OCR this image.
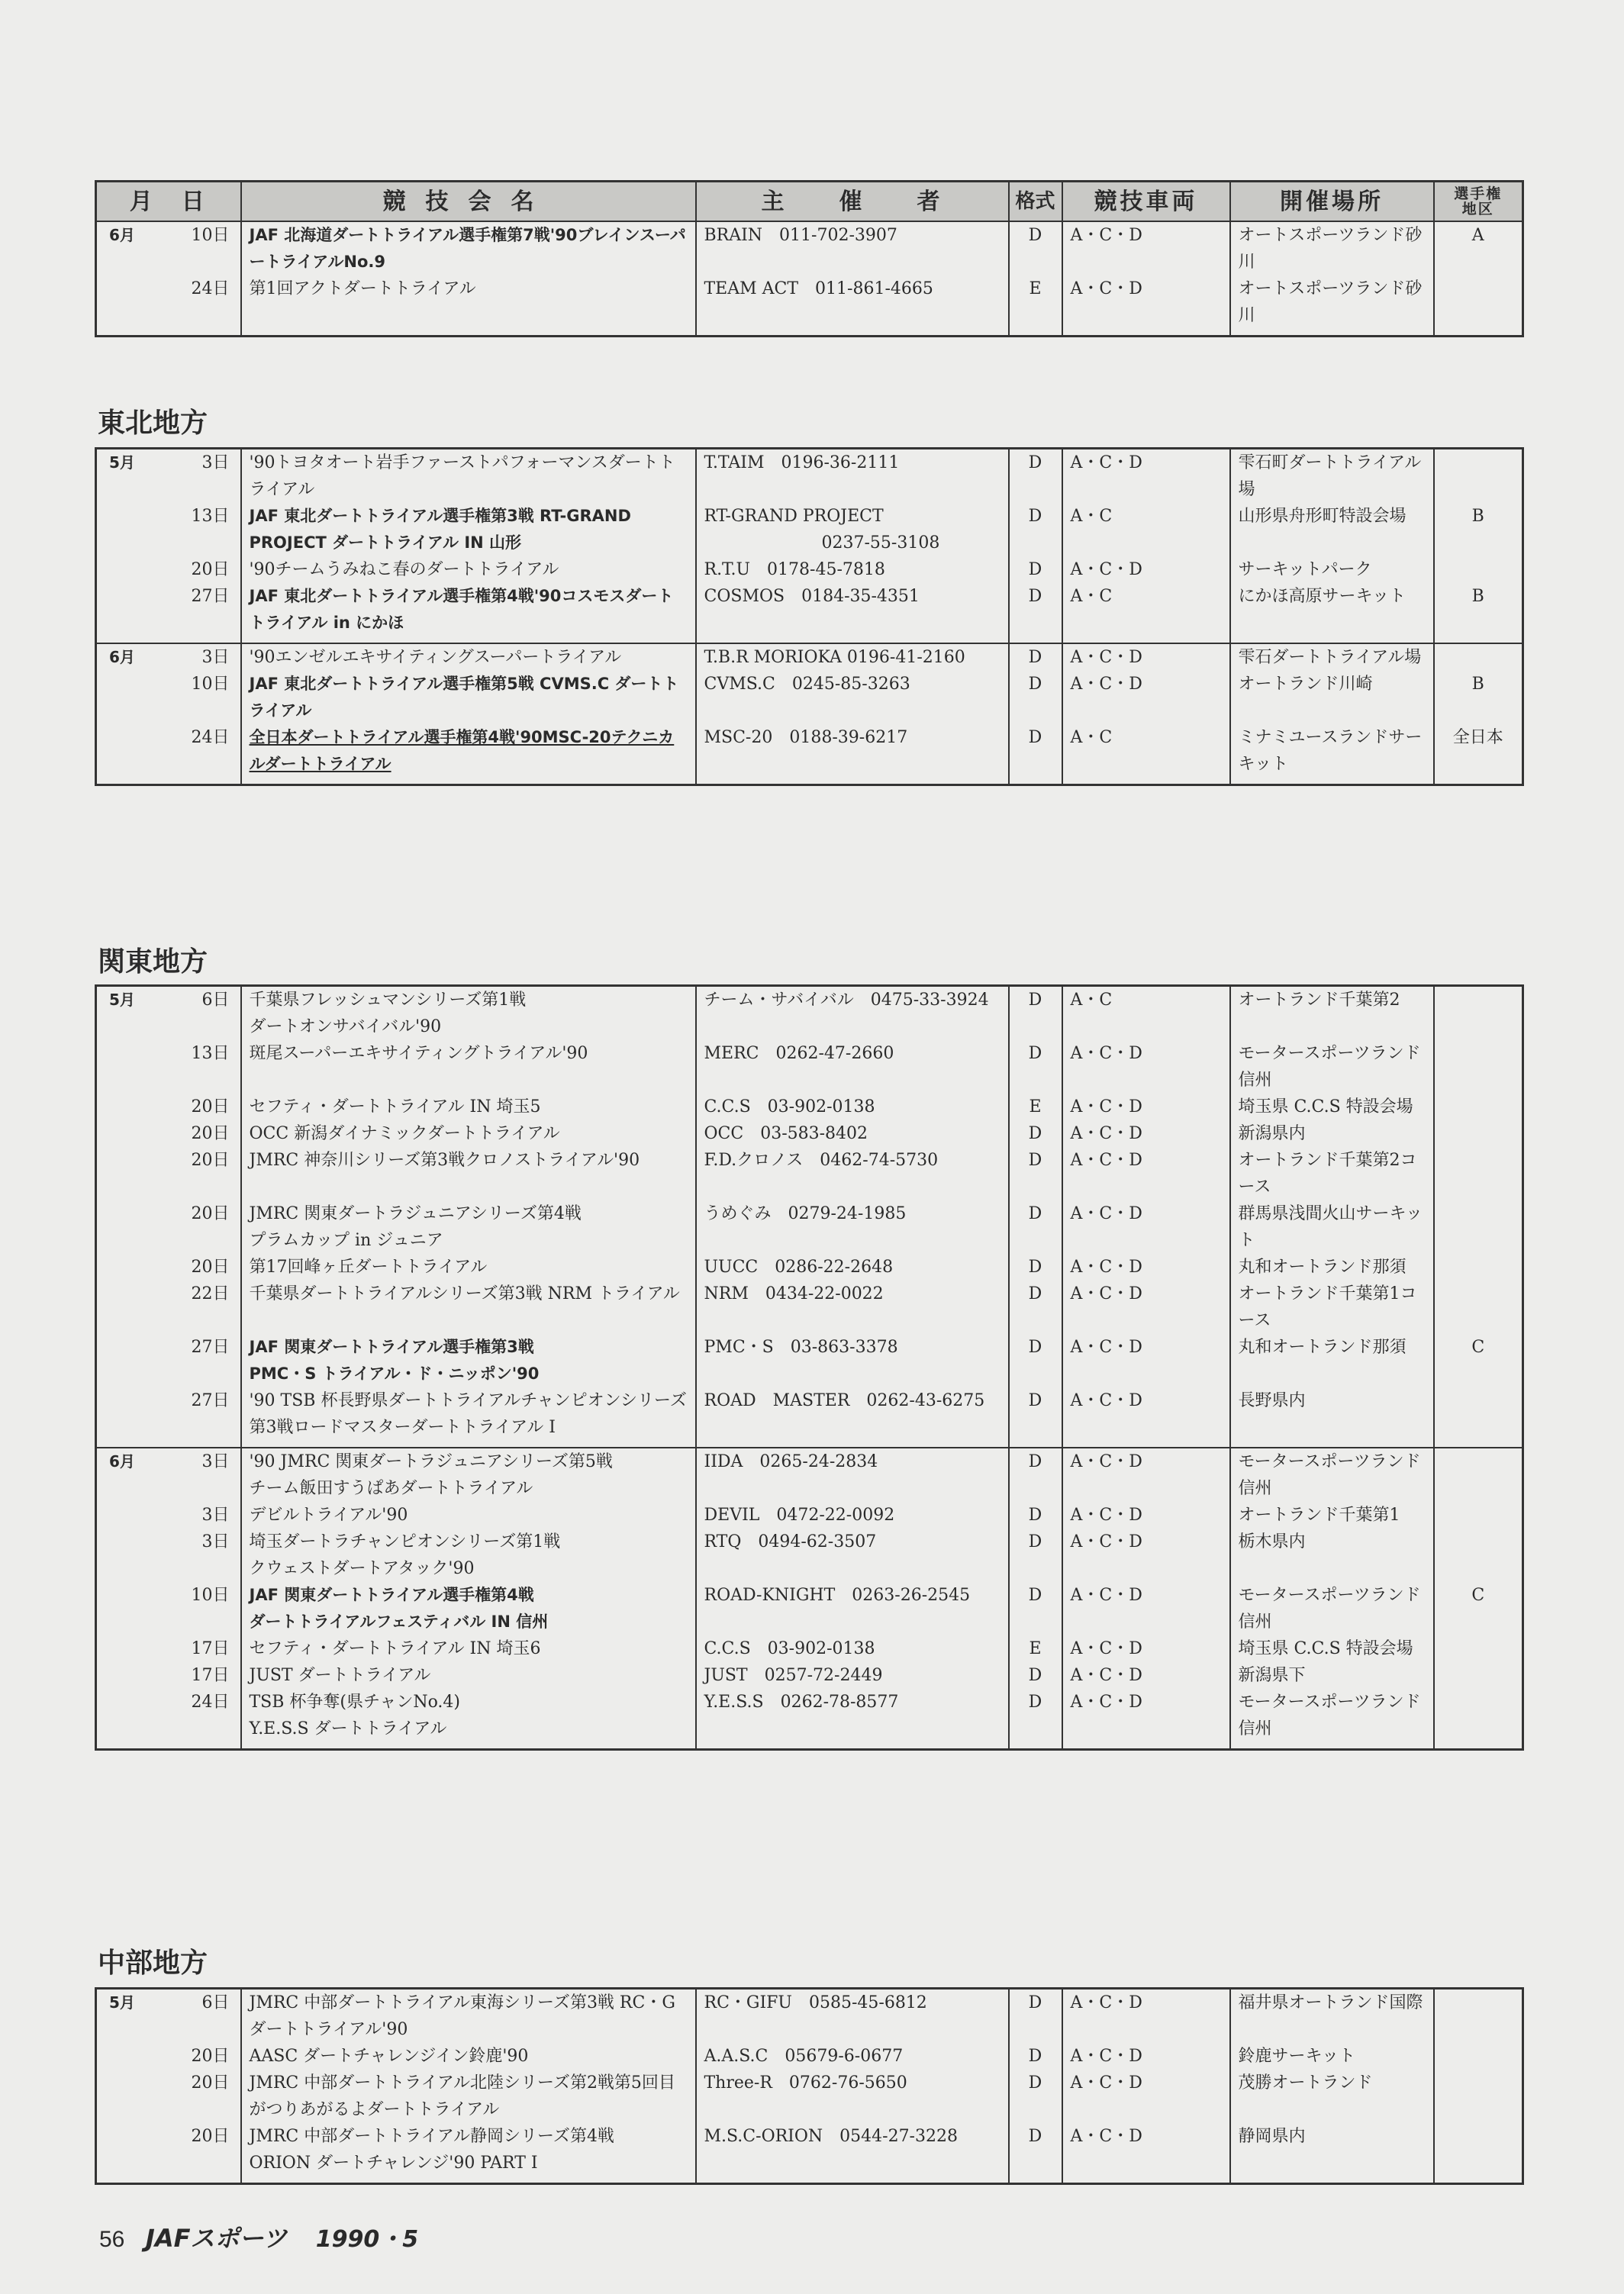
月　日	競技会名	主　　催　　者	格式	競技車両	開催場所	選手権地区

6月 10日	JAF 北海道ダートトライアル選手権第7戦'90ブレインスーパートライアルNo.9	BRAIN　011-702-3907	D	A・C・D	オートスポーツランド砂川	A

24日	第1回アクトダートトライアル	TEAM ACT　011-861-4665	E	A・C・D	オートスポーツランド砂川	

東北地方
5月 3日	'90トヨタオート岩手ファーストパフォーマンスダートトライアル	T.TAIM　0196-36-2111	D	A・C・D	雫石町ダートトライアル場	

13日	JAF 東北ダートトライアル選手権第3戦 RT-GRAND PROJECT ダートトライアル IN 山形	RT-GRAND PROJECT
　　　　　　　0237-55-3108	D	A・C	山形県舟形町特設会場	B

20日	'90チームうみねこ春のダートトライアル	R.T.U　0178-45-7818	D	A・C・D	サーキットパーク	

27日	JAF 東北ダートトライアル選手権第4戦'90コスモスダートトライアル in にかほ	COSMOS　0184-35-4351	D	A・C	にかほ高原サーキット	B

6月 3日	'90エンゼルエキサイティングスーパートライアル	T.B.R MORIOKA 0196-41-2160	D	A・C・D	雫石ダートトライアル場	

10日	JAF 東北ダートトライアル選手権第5戦 CVMS.C ダートトライアル	CVMS.C　0245-85-3263	D	A・C・D	オートランド川崎	B

24日	全日本ダートトライアル選手権第4戦'90MSC-20テクニカルダートトライアル	MSC-20　0188-39-6217	D	A・C	ミナミユースランドサーキット	全日本

関東地方
5月 6日	千葉県フレッシュマンシリーズ第1戦
ダートオンサバイバル'90	チーム・サバイバル　0475-33-3924	D	A・C	オートランド千葉第2	

13日	斑尾スーパーエキサイティングトライアル'90	MERC　0262-47-2660	D	A・C・D	モータースポーツランド信州	

20日	セフティ・ダートトライアル IN 埼玉5	C.C.S　03-902-0138	E	A・C・D	埼玉県 C.C.S 特設会場	

20日	OCC 新潟ダイナミックダートトライアル	OCC　03-583-8402	D	A・C・D	新潟県内	

20日	JMRC 神奈川シリーズ第3戦クロノストライアル'90	F.D.クロノス　0462-74-5730	D	A・C・D	オートランド千葉第2コース	

20日	JMRC 関東ダートラジュニアシリーズ第4戦
プラムカップ in ジュニア	うめぐみ　0279-24-1985	D	A・C・D	群馬県浅間火山サーキット	

20日	第17回峰ヶ丘ダートトライアル	UUCC　0286-22-2648	D	A・C・D	丸和オートランド那須	

22日	千葉県ダートトライアルシリーズ第3戦 NRM トライアル	NRM　0434-22-0022	D	A・C・D	オートランド千葉第1コース	

27日	JAF 関東ダートトライアル選手権第3戦
PMC・S トライアル・ド・ニッポン'90	PMC・S　03-863-3378	D	A・C・D	丸和オートランド那須	C

27日	'90 TSB 杯長野県ダートトライアルチャンピオンシリーズ第3戦ロードマスターダートトライアル I	ROAD　MASTER　0262-43-6275	D	A・C・D	長野県内	

6月 3日	'90 JMRC 関東ダートラジュニアシリーズ第5戦
チーム飯田すうぱあダートトライアル	IIDA　0265-24-2834	D	A・C・D	モータースポーツランド信州	

3日	デビルトライアル'90	DEVIL　0472-22-0092	D	A・C・D	オートランド千葉第1	

3日	埼玉ダートラチャンピオンシリーズ第1戦
クウェストダートアタック'90	RTQ　0494-62-3507	D	A・C・D	栃木県内	

10日	JAF 関東ダートトライアル選手権第4戦
ダートトライアルフェスティバル IN 信州	ROAD-KNIGHT　0263-26-2545	D	A・C・D	モータースポーツランド信州	C

17日	セフティ・ダートトライアル IN 埼玉6	C.C.S　03-902-0138	E	A・C・D	埼玉県 C.C.S 特設会場	

17日	JUST ダートトライアル	JUST　0257-72-2449	D	A・C・D	新潟県下	

24日	TSB 杯争奪(県チャンNo.4)
Y.E.S.S ダートトライアル	Y.E.S.S　0262-78-8577	D	A・C・D	モータースポーツランド信州	

中部地方
5月 6日	JMRC 中部ダートトライアル東海シリーズ第3戦 RC・G ダートトライアル'90	RC・GIFU　0585-45-6812	D	A・C・D	福井県オートランド国際	

20日	AASC ダートチャレンジイン鈴鹿'90	A.A.S.C　05679-6-0677	D	A・C・D	鈴鹿サーキット	

20日	JMRC 中部ダートトライアル北陸シリーズ第2戦第5回目がつりあがるよダートトライアル	Three-R　0762-76-5650	D	A・C・D	茂勝オートランド	

20日	JMRC 中部ダートトライアル静岡シリーズ第4戦
ORION ダートチャレンジ'90 PART I	M.S.C-ORION　0544-27-3228	D	A・C・D	静岡県内	

56 JAFスポーツ 1990・5
